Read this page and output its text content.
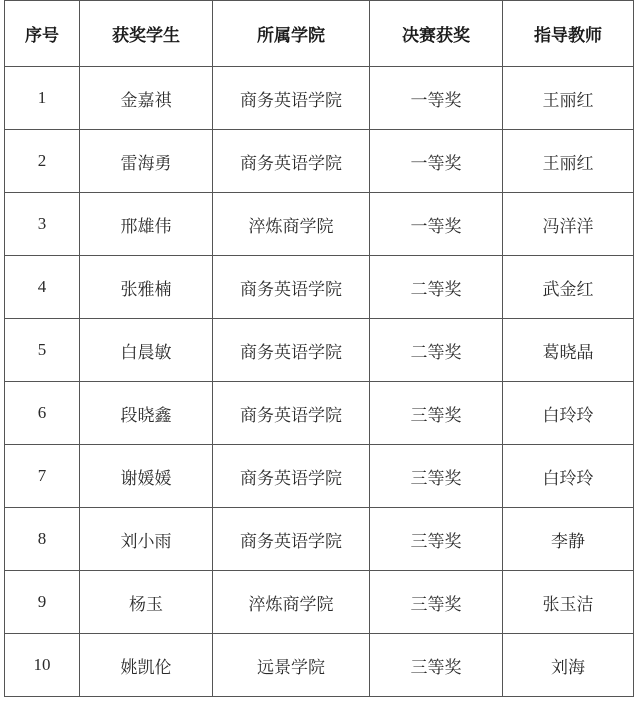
序号	获奖学生	所属学院	决赛获奖	指导教师
1	金嘉祺	商务英语学院	一等奖	王丽红
2	雷海勇	商务英语学院	一等奖	王丽红
3	邢雄伟	淬炼商学院	一等奖	冯洋洋
4	张雅楠	商务英语学院	二等奖	武金红
5	白晨敏	商务英语学院	二等奖	葛晓晶
6	段晓鑫	商务英语学院	三等奖	白玲玲
7	谢媛媛	商务英语学院	三等奖	白玲玲
8	刘小雨	商务英语学院	三等奖	李静
9	杨玉	淬炼商学院	三等奖	张玉洁
10	姚凯伦	远景学院	三等奖	刘海
